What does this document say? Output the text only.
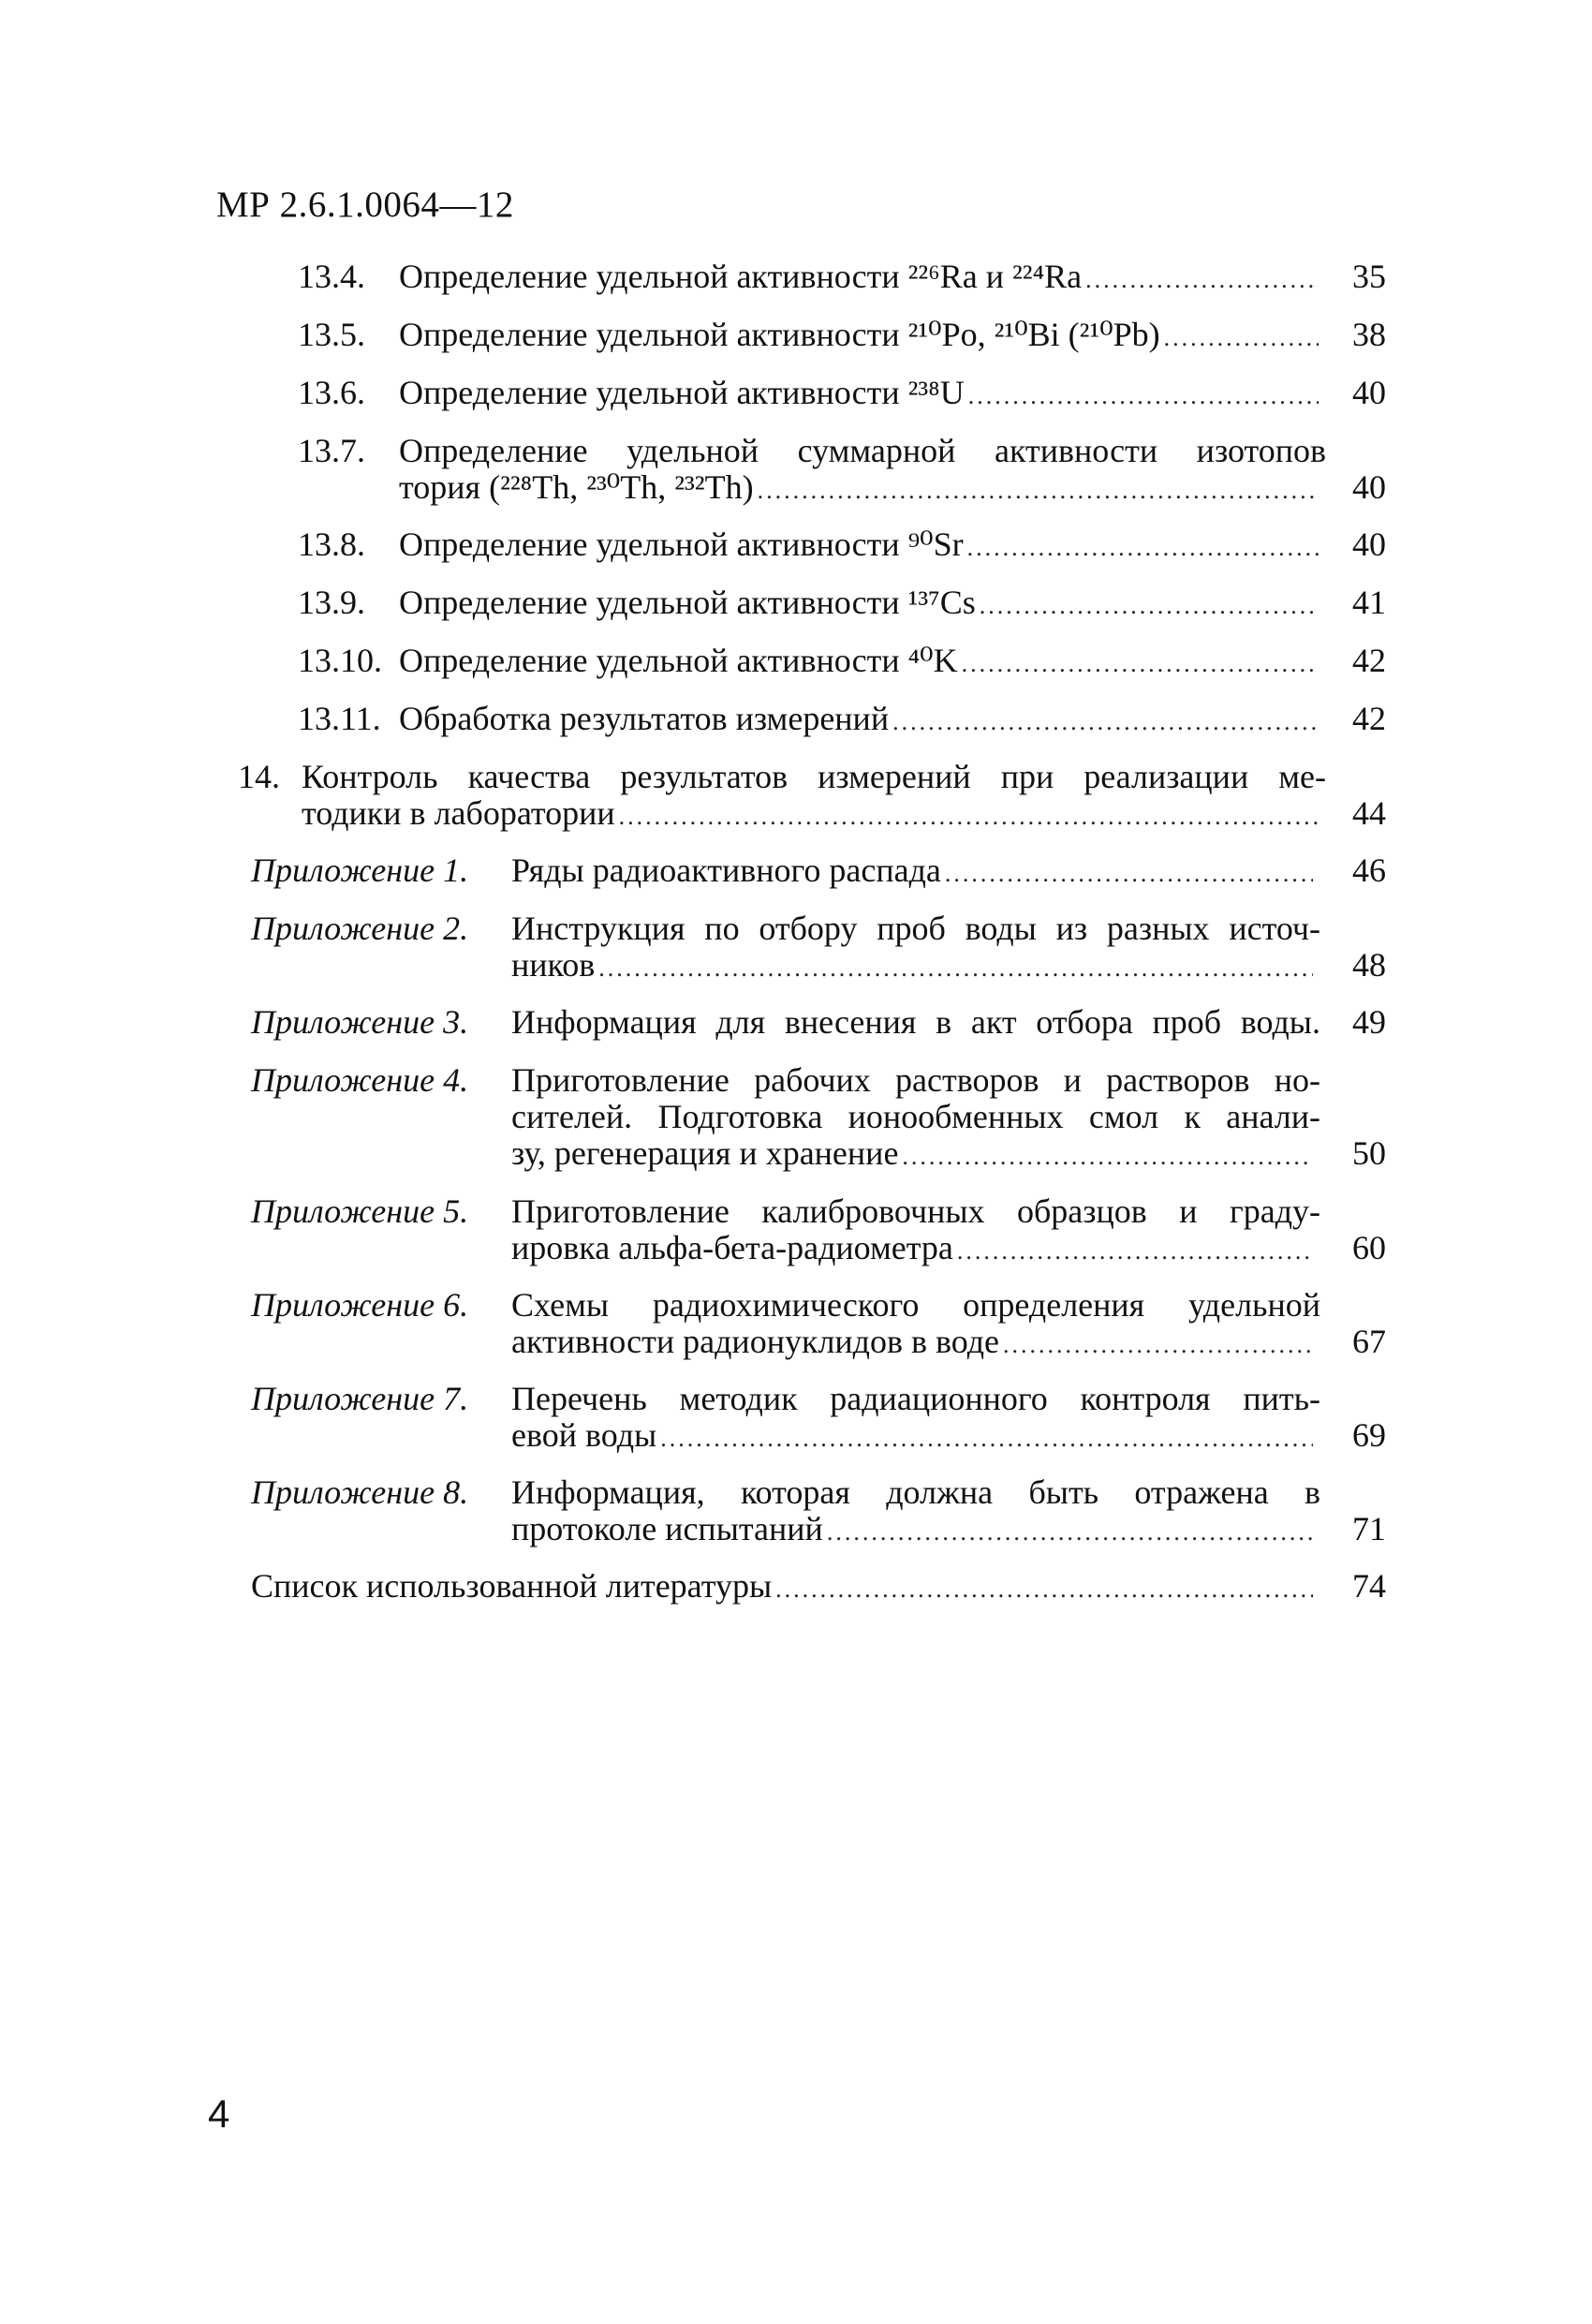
МР 2.6.1.0064—12
13.4. Определение удельной активности ²²⁶Ra и ²²⁴Ra .....	35
13.5. Определение удельной активности ²¹⁰Po, ²¹⁰Bi (²¹⁰Pb) .....	38
13.6. Определение удельной активности ²³⁸U .....	40
13.7. Определение удельной суммарной активности изотопов
тория (²²⁸Th, ²³⁰Th, ²³²Th) .....	40
13.8. Определение удельной активности ⁹⁰Sr .....	40
13.9. Определение удельной активности ¹³⁷Cs .....	41
13.10. Определение удельной активности ⁴⁰K .....	42
13.11. Обработка результатов измерений .....	42
14. Контроль качества результатов измерений при реализации ме-
тодики в лаборатории .....	44
Приложение 1. Ряды радиоактивного распада .....	46
Приложение 2. Инструкция по отбору проб воды из разных источ-
ников .....	48
Приложение 3. Информация для внесения в акт отбора проб воды. 49
Приложение 4. Приготовление рабочих растворов и растворов но-
сителей. Подготовка ионообменных смол к анали-
зу, регенерация и хранение .....	50
Приложение 5. Приготовление калибровочных образцов и граду-
ировка альфа-бета-радиометра .....	60
Приложение 6. Схемы радиохимического определения удельной
активности радионуклидов в воде .....	67
Приложение 7. Перечень методик радиационного контроля пить-
евой воды .....	69
Приложение 8. Информация, которая должна быть отражена в
протоколе испытаний .....	71
Список использованной литературы .....	74
4
